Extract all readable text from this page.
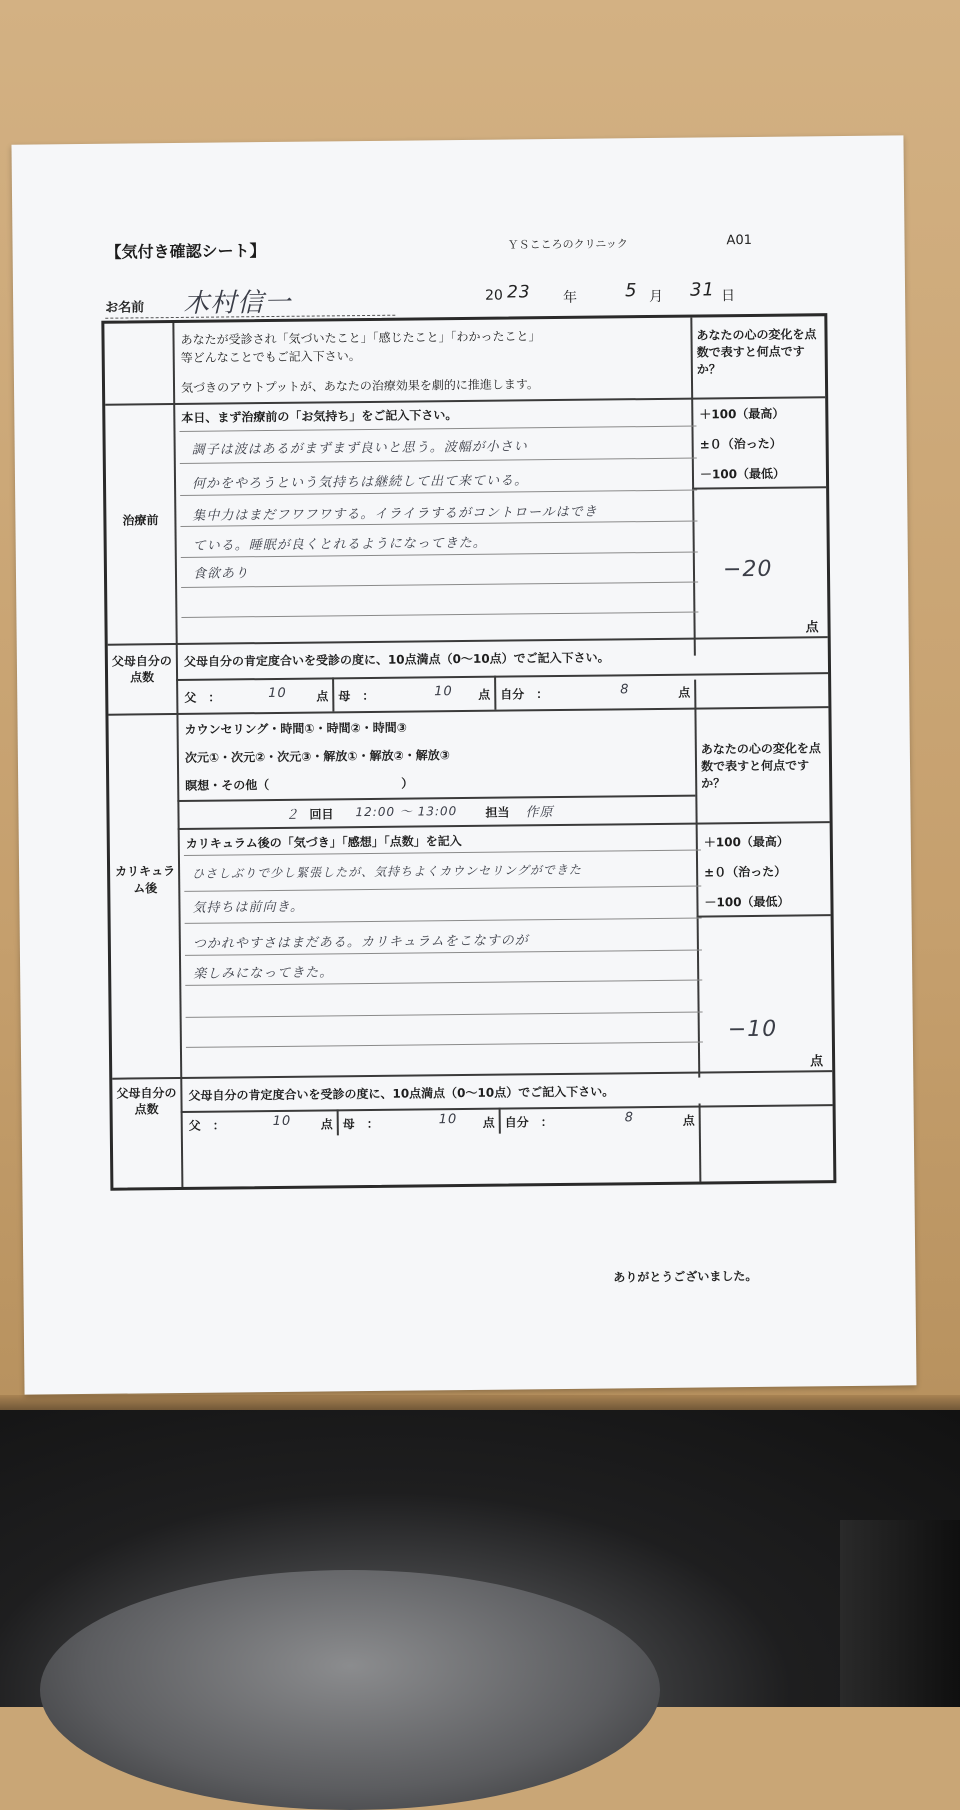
【気付き確認シート】	ＹＳこころのクリニック	A01
お名前 木村信一	20 23 年	5 月 31 日
あなたが受診され「気づいたこと」「感じたこと」「わかったこと」
等どんなことでもご記入下さい。
気づきのアウトプットが、あなたの治療効果を劇的に推進します。
あなたの心の変化を点数で表すと何点ですか？
治療前
本日、まず治療前の「お気持ち」をご記入下さい。
調子は波はあるがまずまず良いと思う。波幅が小さい
何かをやろうという気持ちは継続して出て来ている。
集中力はまだフワフワする。イライラするがコントロールはでき
ている。睡眠が良くとれるようになってきた。
食欲あり
＋100（最高）
±０（治った）
－100（最低）
−20
点
父母自分の点数
父母自分の肯定度合いを受診の度に、10点満点（0～10点）でご記入下さい。
父　：	10 点 母　：	10 点 自分　：	8	点
カリキュラム後
カウンセリング・時間①・時間②・時間③
次元①・次元②・次元③・解放①・解放②・解放③
瞑想・その他（　　　　　　　　　　　）
２ 回目 12:00 ～ 13:00 担当 作原
カリキュラム後の「気づき」「感想」「点数」を記入
ひさしぶりで少し緊張したが、気持ちよくカウンセリングができた
気持ちは前向き。
つかれやすさはまだある。カリキュラムをこなすのが
楽しみになってきた。
あなたの心の変化を点数で表すと何点ですか？
＋100（最高）
±０（治った）
－100（最低）
−10
点
父母自分の点数
父母自分の肯定度合いを受診の度に、10点満点（0～10点）でご記入下さい。
父　：	10 点 母　：	10 点 自分　：	8	点
ありがとうございました。
